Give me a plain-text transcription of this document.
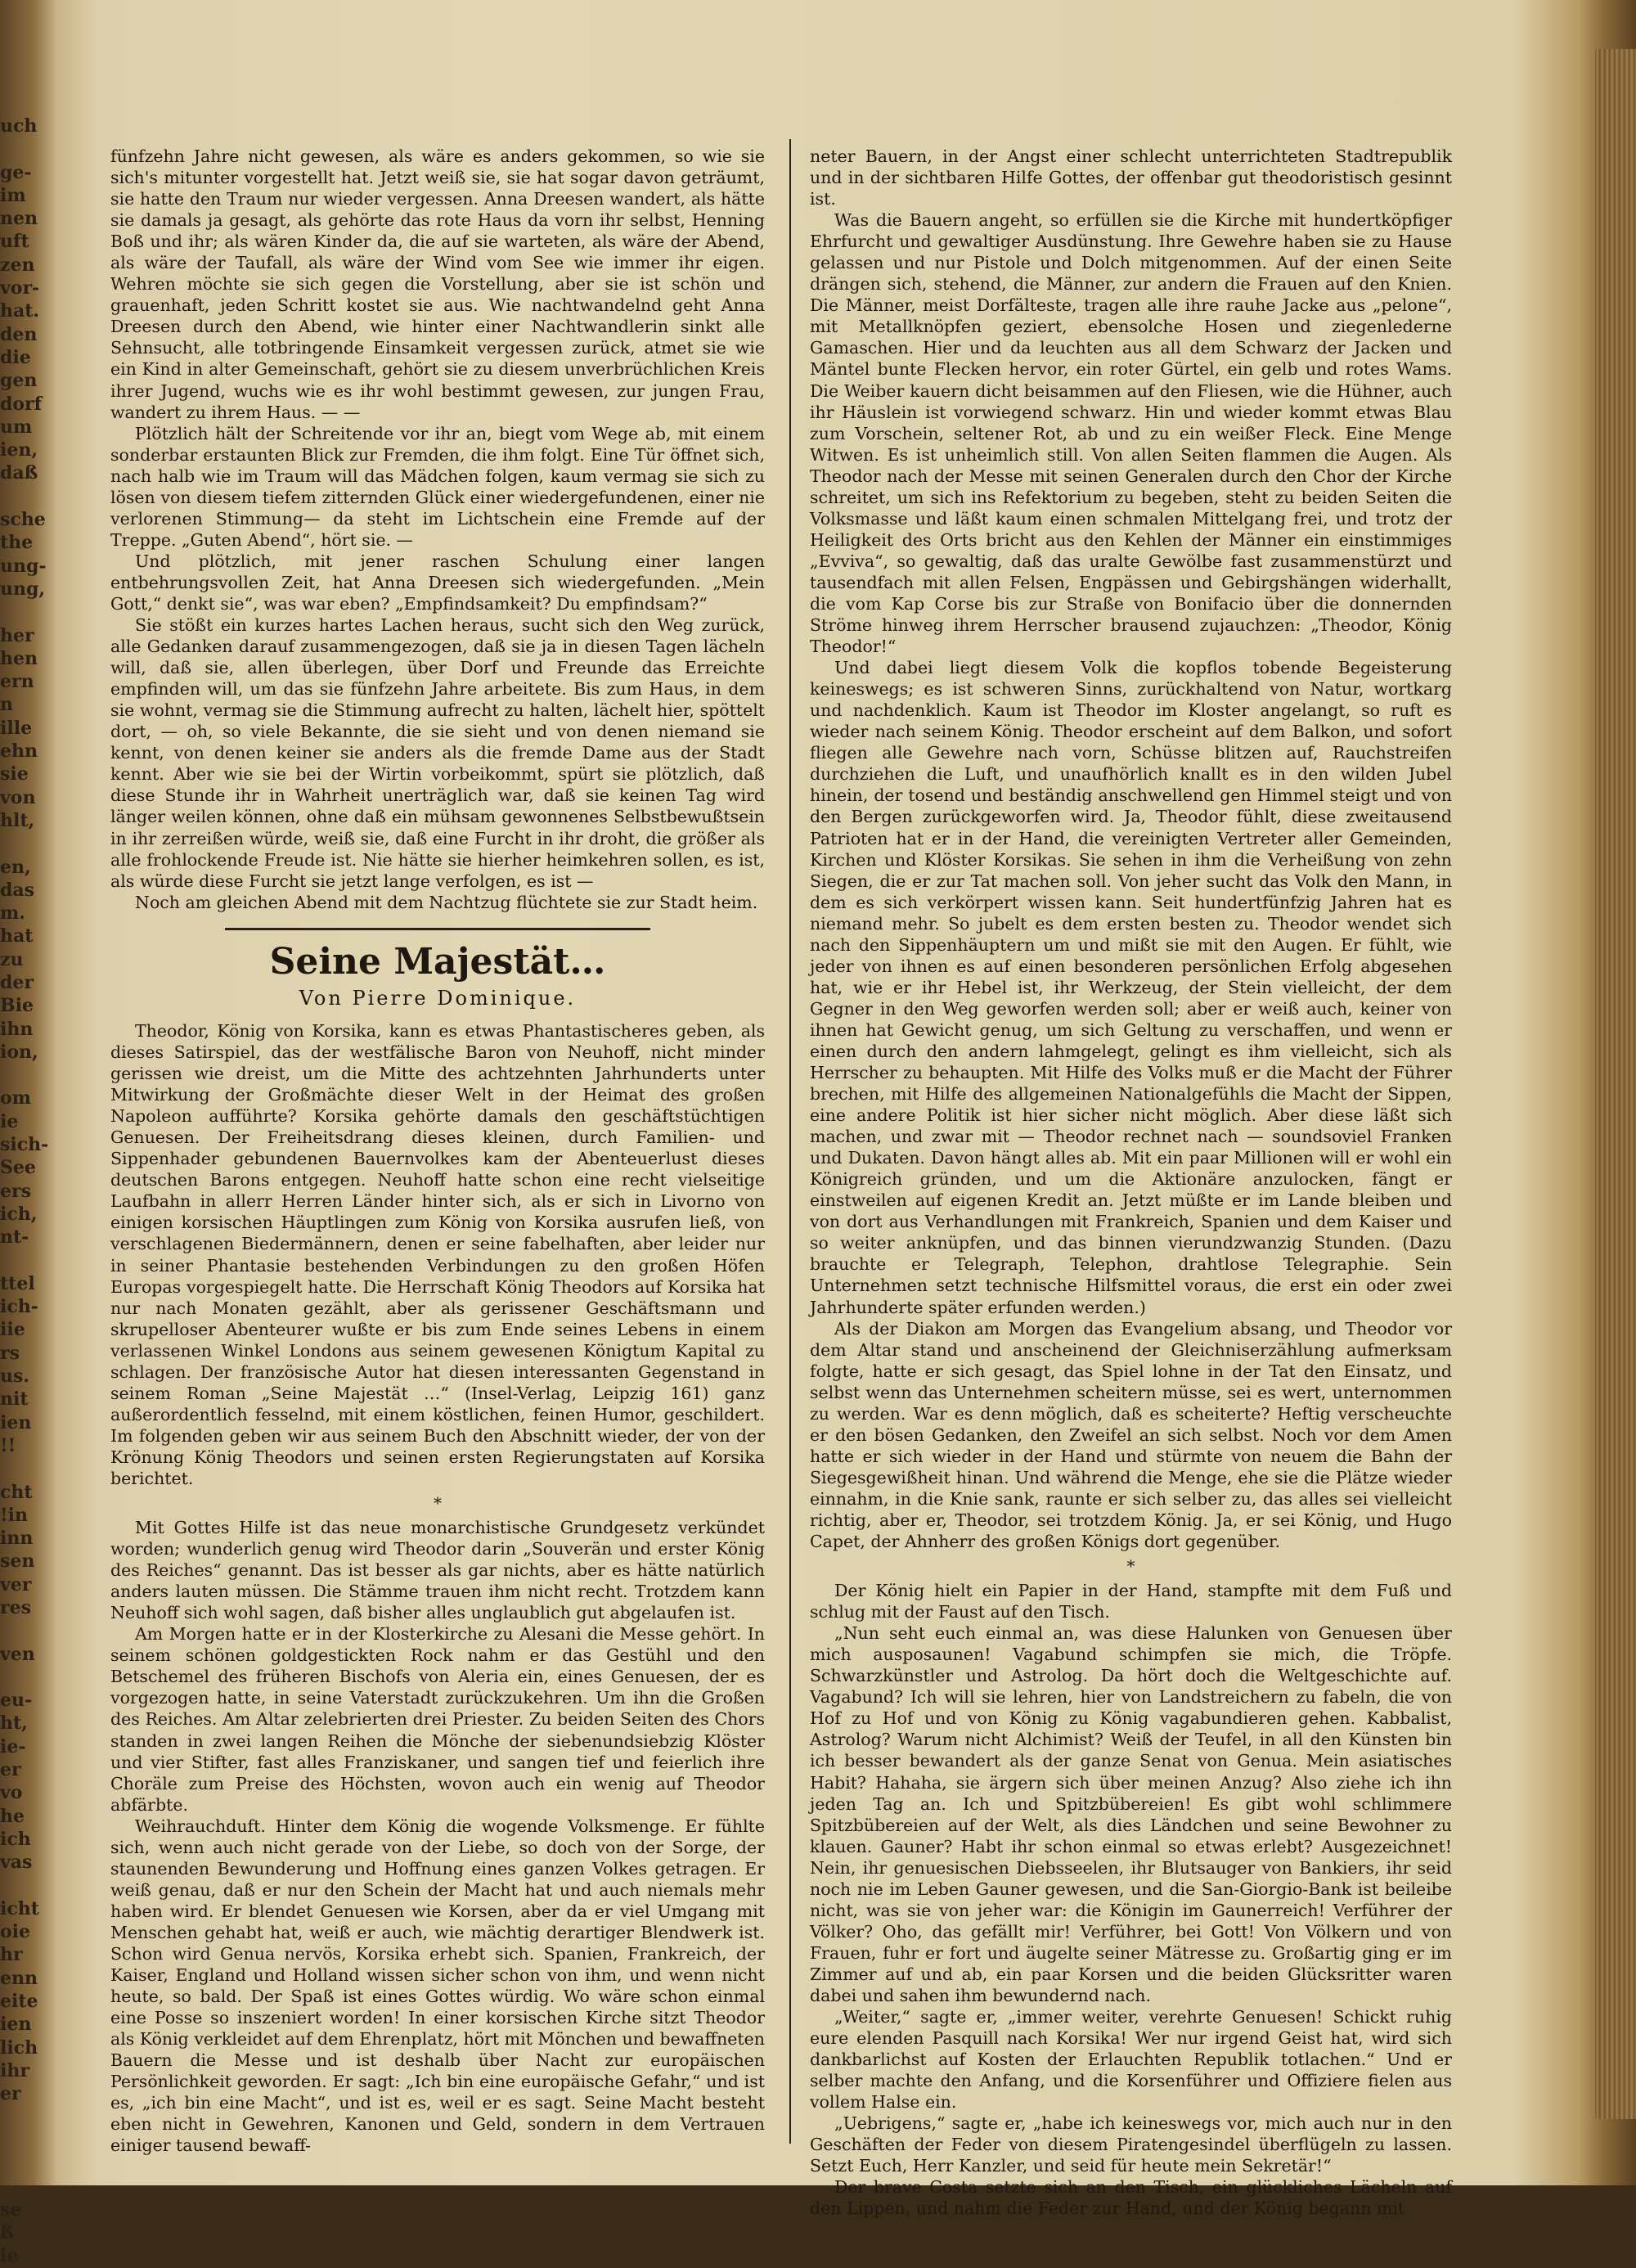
uch

ge-
im
nen
uft
zen
vor-
hat.
den
die
gen
dorf
um
ien,
daß

sche
the
ung-
ung,

her
hen
ern
n
ille
ehn
sie
von
hlt,

en,
das
m.
hat
zu
der
Bie
ihn
ion,

om
ie
sich-
See
ers
ich,
nt-

ttel
ich-
iie
rs
us.
nit
ien
!!

cht
!in
inn
sen
ver
res

ven

eu-
ht,
ie-
er
vo
he
ich
vas

icht
oie
hr
enn
eite
ien
lich
ihr
er

se
ß
ie

fünfzehn Jahre nicht gewesen, als wäre es anders gekommen, so wie sie sich's mitunter vorgestellt hat. Jetzt weiß sie, sie hat sogar davon geträumt, sie hatte den Traum nur wieder vergessen. Anna Dreesen wandert, als hätte sie damals ja gesagt, als gehörte das rote Haus da vorn ihr selbst, Henning Boß und ihr; als wären Kinder da, die auf sie warteten, als wäre der Abend, als wäre der Taufall, als wäre der Wind vom See wie immer ihr eigen. Wehren möchte sie sich gegen die Vorstellung, aber sie ist schön und grauenhaft, jeden Schritt kostet sie aus. Wie nachtwandelnd geht Anna Dreesen durch den Abend, wie hinter einer Nachtwandlerin sinkt alle Sehnsucht, alle totbringende Einsamkeit vergessen zurück, atmet sie wie ein Kind in alter Gemeinschaft, gehört sie zu diesem unverbrüchlichen Kreis ihrer Jugend, wuchs wie es ihr wohl bestimmt gewesen, zur jungen Frau, wandert zu ihrem Haus. — —

Plötzlich hält der Schreitende vor ihr an, biegt vom Wege ab, mit einem sonderbar erstaunten Blick zur Fremden, die ihm folgt. Eine Tür öffnet sich, nach halb wie im Traum will das Mädchen folgen, kaum vermag sie sich zu lösen von diesem tiefem zitternden Glück einer wiedergefundenen, einer nie verlorenen Stimmung— da steht im Lichtschein eine Fremde auf der Treppe. „Guten Abend“, hört sie. —

Und plötzlich, mit jener raschen Schulung einer langen entbehrungsvollen Zeit, hat Anna Dreesen sich wiedergefunden. „Mein Gott,“ denkt sie“, was war eben? „Empfindsamkeit? Du empfindsam?“

Sie stößt ein kurzes hartes Lachen heraus, sucht sich den Weg zurück, alle Gedanken darauf zusammengezogen, daß sie ja in diesen Tagen lächeln will, daß sie, allen überlegen, über Dorf und Freunde das Erreichte empfinden will, um das sie fünfzehn Jahre arbeitete. Bis zum Haus, in dem sie wohnt, vermag sie die Stimmung aufrecht zu halten, lächelt hier, spöttelt dort, — oh, so viele Bekannte, die sie sieht und von denen niemand sie kennt, von denen keiner sie anders als die fremde Dame aus der Stadt kennt. Aber wie sie bei der Wirtin vorbeikommt, spürt sie plötzlich, daß diese Stunde ihr in Wahrheit unerträglich war, daß sie keinen Tag wird länger weilen können, ohne daß ein mühsam gewonnenes Selbstbewußtsein in ihr zerreißen würde, weiß sie, daß eine Furcht in ihr droht, die größer als alle frohlockende Freude ist. Nie hätte sie hierher heimkehren sollen, es ist, als würde diese Furcht sie jetzt lange verfolgen, es ist —

Noch am gleichen Abend mit dem Nachtzug flüchtete sie zur Stadt heim.

Seine Majestät…

Von Pierre Dominique.

Theodor, König von Korsika, kann es etwas Phantastischeres geben, als dieses Satirspiel, das der westfälische Baron von Neuhoff, nicht minder gerissen wie dreist, um die Mitte des achtzehnten Jahrhunderts unter Mitwirkung der Großmächte dieser Welt in der Heimat des großen Napoleon aufführte? Korsika gehörte damals den geschäftstüchtigen Genuesen. Der Freiheitsdrang dieses kleinen, durch Familien- und Sippenhader gebundenen Bauernvolkes kam der Abenteuerlust dieses deutschen Barons entgegen. Neuhoff hatte schon eine recht vielseitige Laufbahn in allerr Herren Länder hinter sich, als er sich in Livorno von einigen korsischen Häuptlingen zum König von Korsika ausrufen ließ, von verschlagenen Biedermännern, denen er seine fabelhaften, aber leider nur in seiner Phantasie bestehenden Verbindungen zu den großen Höfen Europas vorgespiegelt hatte. Die Herrschaft König Theodors auf Korsika hat nur nach Monaten gezählt, aber als gerissener Geschäftsmann und skrupelloser Abenteurer wußte er bis zum Ende seines Lebens in einem verlassenen Winkel Londons aus seinem gewesenen Königtum Kapital zu schlagen. Der französische Autor hat diesen interessanten Gegenstand in seinem Roman „Seine Majestät …“ (Insel-Verlag, Leipzig 161) ganz außerordentlich fesselnd, mit einem köstlichen, feinen Humor, geschildert. Im folgenden geben wir aus seinem Buch den Abschnitt wieder, der von der Krönung König Theodors und seinen ersten Regierungstaten auf Korsika berichtet.

*

Mit Gottes Hilfe ist das neue monarchistische Grundgesetz verkündet worden; wunderlich genug wird Theodor darin „Souverän und erster König des Reiches“ genannt. Das ist besser als gar nichts, aber es hätte natürlich anders lauten müssen. Die Stämme trauen ihm nicht recht. Trotzdem kann Neuhoff sich wohl sagen, daß bisher alles unglaublich gut abgelaufen ist.

Am Morgen hatte er in der Klosterkirche zu Alesani die Messe gehört. In seinem schönen goldgestickten Rock nahm er das Gestühl und den Betschemel des früheren Bischofs von Aleria ein, eines Genuesen, der es vorgezogen hatte, in seine Vaterstadt zurückzukehren. Um ihn die Großen des Reiches. Am Altar zelebrierten drei Priester. Zu beiden Seiten des Chors standen in zwei langen Reihen die Mönche der siebenundsiebzig Klöster und vier Stifter, fast alles Franziskaner, und sangen tief und feierlich ihre Choräle zum Preise des Höchsten, wovon auch ein wenig auf Theodor abfärbte.

Weihrauchduft. Hinter dem König die wogende Volksmenge. Er fühlte sich, wenn auch nicht gerade von der Liebe, so doch von der Sorge, der staunenden Bewunderung und Hoffnung eines ganzen Volkes getragen. Er weiß genau, daß er nur den Schein der Macht hat und auch niemals mehr haben wird. Er blendet Genuesen wie Korsen, aber da er viel Umgang mit Menschen gehabt hat, weiß er auch, wie mächtig derartiger Blendwerk ist. Schon wird Genua nervös, Korsika erhebt sich. Spanien, Frankreich, der Kaiser, England und Holland wissen sicher schon von ihm, und wenn nicht heute, so bald. Der Spaß ist eines Gottes würdig. Wo wäre schon einmal eine Posse so inszeniert worden! In einer korsischen Kirche sitzt Theodor als König verkleidet auf dem Ehrenplatz, hört mit Mönchen und bewaffneten Bauern die Messe und ist deshalb über Nacht zur europäischen Persönlichkeit geworden. Er sagt: „Ich bin eine europäische Gefahr,“ und ist es, „ich bin eine Macht“, und ist es, weil er es sagt. Seine Macht besteht eben nicht in Gewehren, Kanonen und Geld, sondern in dem Vertrauen einiger tausend bewaff-

neter Bauern, in der Angst einer schlecht unterrichteten Stadtrepublik und in der sichtbaren Hilfe Gottes, der offenbar gut theodoristisch gesinnt ist.

Was die Bauern angeht, so erfüllen sie die Kirche mit hundertköpfiger Ehrfurcht und gewaltiger Ausdünstung. Ihre Gewehre haben sie zu Hause gelassen und nur Pistole und Dolch mitgenommen. Auf der einen Seite drängen sich, stehend, die Männer, zur andern die Frauen auf den Knien. Die Männer, meist Dorfälteste, tragen alle ihre rauhe Jacke aus „pelone“, mit Metallknöpfen geziert, ebensolche Hosen und ziegenlederne Gamaschen. Hier und da leuchten aus all dem Schwarz der Jacken und Mäntel bunte Flecken hervor, ein roter Gürtel, ein gelb und rotes Wams. Die Weiber kauern dicht beisammen auf den Fliesen, wie die Hühner, auch ihr Häuslein ist vorwiegend schwarz. Hin und wieder kommt etwas Blau zum Vorschein, seltener Rot, ab und zu ein weißer Fleck. Eine Menge Witwen. Es ist unheimlich still. Von allen Seiten flammen die Augen. Als Theodor nach der Messe mit seinen Generalen durch den Chor der Kirche schreitet, um sich ins Refektorium zu begeben, steht zu beiden Seiten die Volksmasse und läßt kaum einen schmalen Mittelgang frei, und trotz der Heiligkeit des Orts bricht aus den Kehlen der Männer ein einstimmiges „Evviva“, so gewaltig, daß das uralte Gewölbe fast zusammenstürzt und tausendfach mit allen Felsen, Engpässen und Gebirgshängen widerhallt, die vom Kap Corse bis zur Straße von Bonifacio über die donnernden Ströme hinweg ihrem Herrscher brausend zujauchzen: „Theodor, König Theodor!“

Und dabei liegt diesem Volk die kopflos tobende Begeisterung keineswegs; es ist schweren Sinns, zurückhaltend von Natur, wortkarg und nachdenklich. Kaum ist Theodor im Kloster angelangt, so ruft es wieder nach seinem König. Theodor erscheint auf dem Balkon, und sofort fliegen alle Gewehre nach vorn, Schüsse blitzen auf, Rauchstreifen durchziehen die Luft, und unaufhörlich knallt es in den wilden Jubel hinein, der tosend und beständig anschwellend gen Himmel steigt und von den Bergen zurückgeworfen wird. Ja, Theodor fühlt, diese zweitausend Patrioten hat er in der Hand, die vereinigten Vertreter aller Gemeinden, Kirchen und Klöster Korsikas. Sie sehen in ihm die Verheißung von zehn Siegen, die er zur Tat machen soll. Von jeher sucht das Volk den Mann, in dem es sich verkörpert wissen kann. Seit hundertfünfzig Jahren hat es niemand mehr. So jubelt es dem ersten besten zu. Theodor wendet sich nach den Sippenhäuptern um und mißt sie mit den Augen. Er fühlt, wie jeder von ihnen es auf einen besonderen persönlichen Erfolg abgesehen hat, wie er ihr Hebel ist, ihr Werkzeug, der Stein vielleicht, der dem Gegner in den Weg geworfen werden soll; aber er weiß auch, keiner von ihnen hat Gewicht genug, um sich Geltung zu verschaffen, und wenn er einen durch den andern lahmgelegt, gelingt es ihm vielleicht, sich als Herrscher zu behaupten. Mit Hilfe des Volks muß er die Macht der Führer brechen, mit Hilfe des allgemeinen Nationalgefühls die Macht der Sippen, eine andere Politik ist hier sicher nicht möglich. Aber diese läßt sich machen, und zwar mit — Theodor rechnet nach — soundsoviel Franken und Dukaten. Davon hängt alles ab. Mit ein paar Millionen will er wohl ein Königreich gründen, und um die Aktionäre anzulocken, fängt er einstweilen auf eigenen Kredit an. Jetzt müßte er im Lande bleiben und von dort aus Verhandlungen mit Frankreich, Spanien und dem Kaiser und so weiter anknüpfen, und das binnen vierundzwanzig Stunden. (Dazu brauchte er Telegraph, Telephon, drahtlose Telegraphie. Sein Unternehmen setzt technische Hilfsmittel voraus, die erst ein oder zwei Jahrhunderte später erfunden werden.)

Als der Diakon am Morgen das Evangelium absang, und Theodor vor dem Altar stand und anscheinend der Gleichniserzählung aufmerksam folgte, hatte er sich gesagt, das Spiel lohne in der Tat den Einsatz, und selbst wenn das Unternehmen scheitern müsse, sei es wert, unternommen zu werden. War es denn möglich, daß es scheiterte? Heftig verscheuchte er den bösen Gedanken, den Zweifel an sich selbst. Noch vor dem Amen hatte er sich wieder in der Hand und stürmte von neuem die Bahn der Siegesgewißheit hinan. Und während die Menge, ehe sie die Plätze wieder einnahm, in die Knie sank, raunte er sich selber zu, das alles sei vielleicht richtig, aber er, Theodor, sei trotzdem König. Ja, er sei König, und Hugo Capet, der Ahnherr des großen Königs dort gegenüber.

*

Der König hielt ein Papier in der Hand, stampfte mit dem Fuß und schlug mit der Faust auf den Tisch.

„Nun seht euch einmal an, was diese Halunken von Genuesen über mich ausposaunen! Vagabund schimpfen sie mich, die Tröpfe. Schwarzkünstler und Astrolog. Da hört doch die Weltgeschichte auf. Vagabund? Ich will sie lehren, hier von Landstreichern zu fabeln, die von Hof zu Hof und von König zu König vagabundieren gehen. Kabbalist, Astrolog? Warum nicht Alchimist? Weiß der Teufel, in all den Künsten bin ich besser bewandert als der ganze Senat von Genua. Mein asiatisches Habit? Hahaha, sie ärgern sich über meinen Anzug? Also ziehe ich ihn jeden Tag an. Ich und Spitzbübereien! Es gibt wohl schlimmere Spitzbübereien auf der Welt, als dies Ländchen und seine Bewohner zu klauen. Gauner? Habt ihr schon einmal so etwas erlebt? Ausgezeichnet! Nein, ihr genuesischen Diebsseelen, ihr Blutsauger von Bankiers, ihr seid noch nie im Leben Gauner gewesen, und die San-Giorgio-Bank ist beileibe nicht, was sie von jeher war: die Königin im Gaunerreich! Verführer der Völker? Oho, das gefällt mir! Verführer, bei Gott! Von Völkern und von Frauen, fuhr er fort und äugelte seiner Mätresse zu. Großartig ging er im Zimmer auf und ab, ein paar Korsen und die beiden Glücksritter waren dabei und sahen ihm bewundernd nach.

„Weiter,“ sagte er, „immer weiter, verehrte Genuesen! Schickt ruhig eure elenden Pasquill nach Korsika! Wer nur irgend Geist hat, wird sich dankbarlichst auf Kosten der Erlauchten Republik totlachen.“ Und er selber machte den Anfang, und die Korsenführer und Offiziere fielen aus vollem Halse ein.

„Uebrigens,“ sagte er, „habe ich keineswegs vor, mich auch nur in den Geschäften der Feder von diesem Piratengesindel überflügeln zu lassen. Setzt Euch, Herr Kanzler, und seid für heute mein Sekretär!“

Der brave Costa setzte sich an den Tisch, ein glückliches Lächeln auf den Lippen, und nahm die Feder zur Hand, und der König begann mit
